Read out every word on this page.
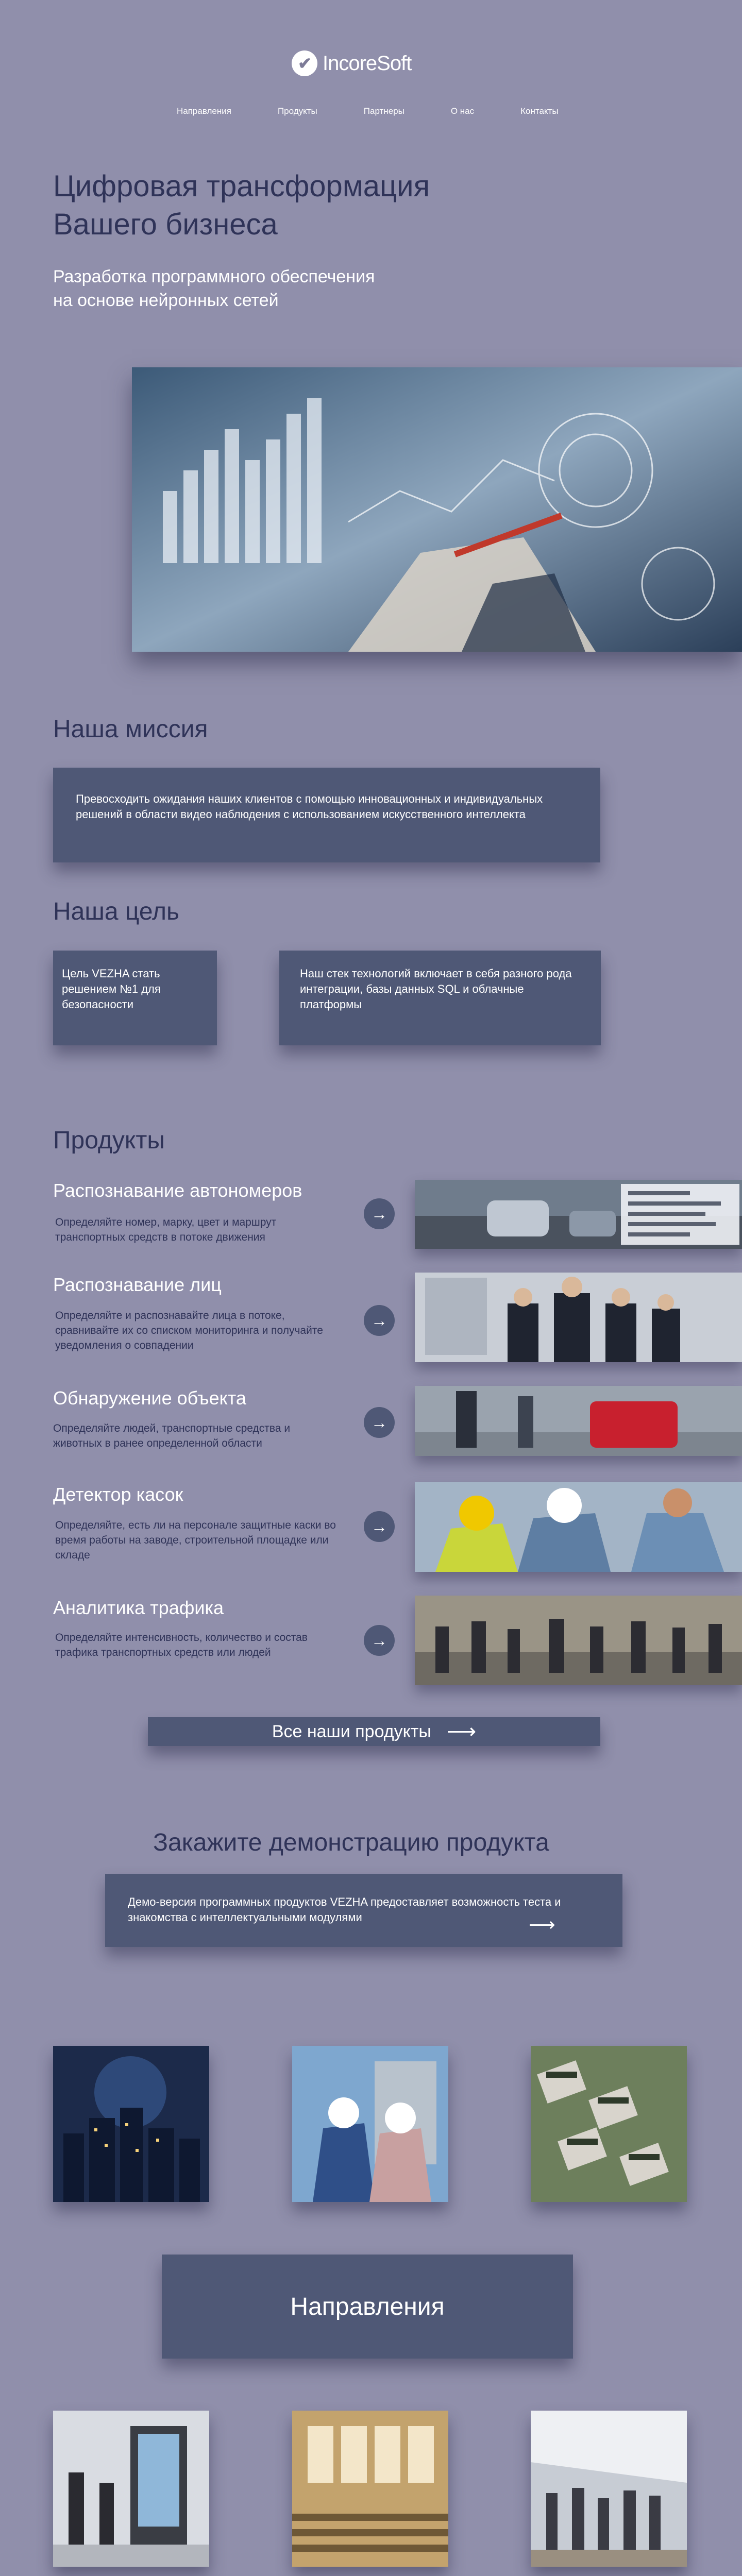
✔ IncoreSoft
Направления	Продукты	Партнеры	О нас	Контакты
Цифровая трансформация
Вашего бизнеса
Разработка программного обеспечения
на основе нейронных сетей
Наша миссия
Превосходить ожидания наших клиентов с помощью инновационных и индивидуальных решений в области видео наблюдения с использованием искусственного интеллекта
Наша цель
Цель VEZHA стать решением №1 для безопасности
Наш стек технологий включает в себя разного рода интеграции, базы данных SQL и облачные платформы
Продукты
Распознавание автономеров
Определяйте номер, марку, цвет и маршрут транспортных средств в потоке движения
→
Распознавание лиц
Определяйте и распознавайте лица в потоке, сравнивайте их со списком мониторинга и получайте уведомления о совпадении
→
Обнаружение объекта
Определяйте людей, транспортные средства и животных в ранее определенной области
→
Детектор касок
Определяйте, есть ли на персонале защитные каски во время работы на заводе, строительной площадке или складе
→
Аналитика трафика
Определяйте интенсивность, количество и состав трафика транспортных средств или людей
→
Все наши продукты ⟶
Закажите демонстрацию продукта
Демо-версия программных продуктов VEZHA предоставляет возможность теста и знакомства с интеллектуальными модулями	⟶
Направления
